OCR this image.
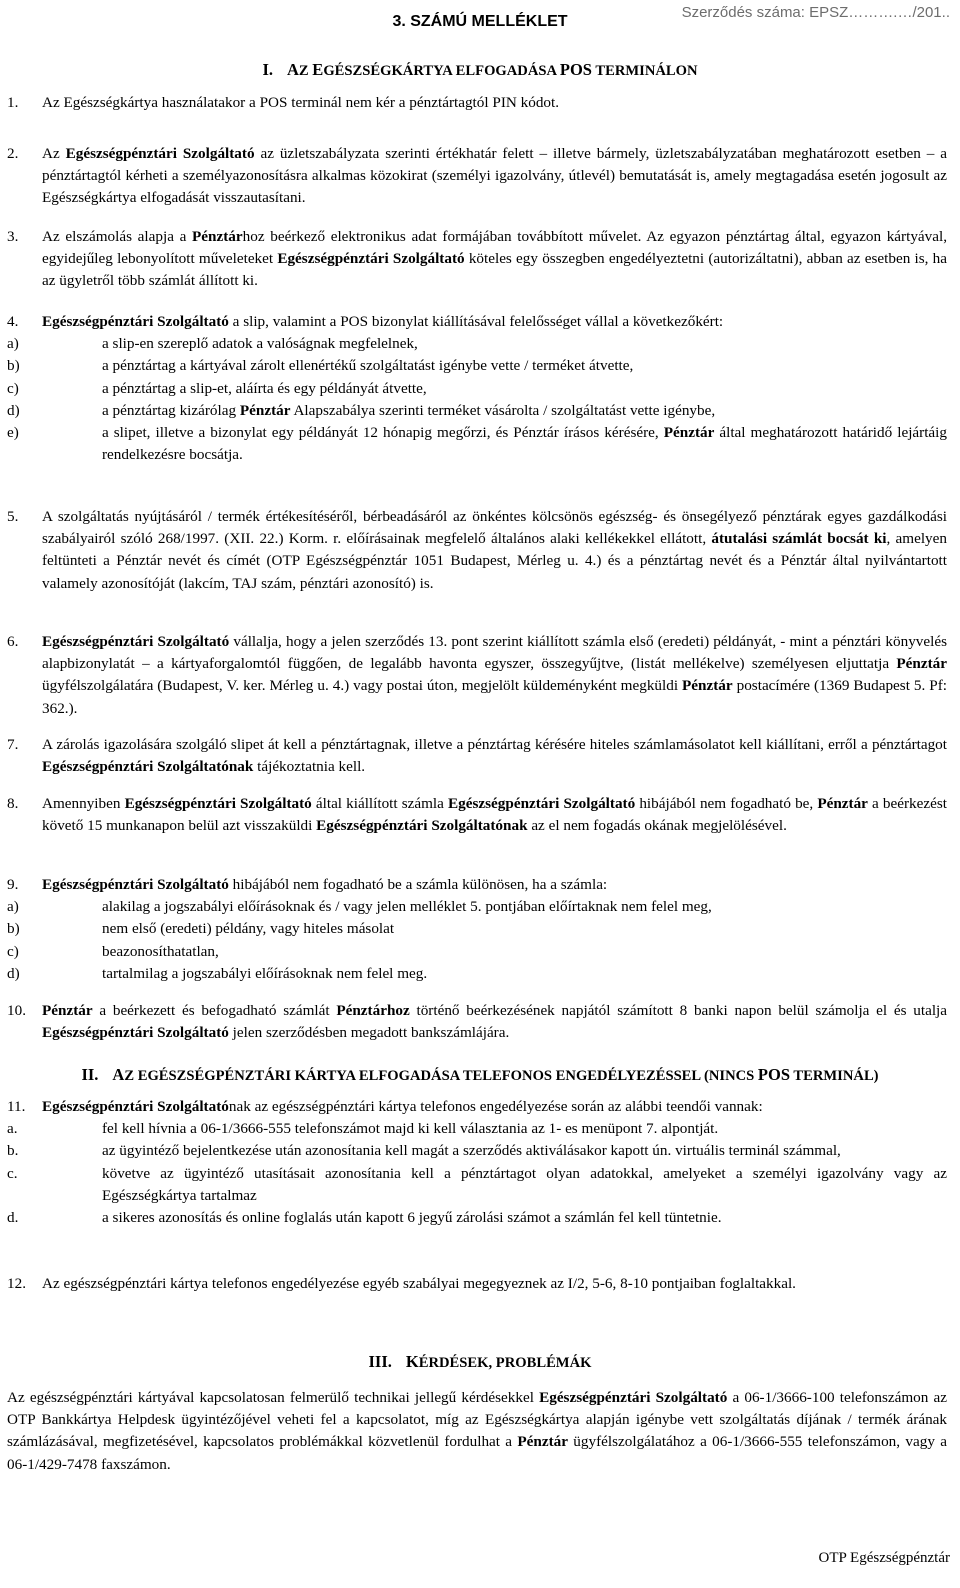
Szerződés száma: EPSZ……….…/201..
3. SZÁMÚ MELLÉKLET
I. AZ EGÉSZSÉGKÁRTYA ELFOGADÁSA POS TERMINÁLON
1. Az Egészségkártya használatakor a POS terminál nem kér a pénztártagtól PIN kódot.
2. Az Egészségpénztári Szolgáltató az üzletszabályzata szerinti értékhatár felett – illetve bármely, üzletszabályzatában meghatározott esetben – a pénztártagtól kérheti a személyazonosításra alkalmas közokirat (személyi igazolvány, útlevél) bemutatását is, amely megtagadása esetén jogosult az Egészségkártya elfogadását visszautasítani.
3. Az elszámolás alapja a Pénztárhoz beérkező elektronikus adat formájában továbbított művelet. Az egyazon pénztártag által, egyazon kártyával, egyidejűleg lebonyolított műveleteket Egészségpénztári Szolgáltató köteles egy összegben engedélyeztetni (autorizáltatni), abban az esetben is, ha az ügyletről több számlát állított ki.
4. Egészségpénztári Szolgáltató a slip, valamint a POS bizonylat kiállításával felelősséget vállal a következőkért:
a)	a slip-en szereplő adatok a valóságnak megfelelnek,
b)	a pénztártag a kártyával zárolt ellenértékű szolgáltatást igénybe vette / terméket átvette,
c)	a pénztártag a slip-et, aláírta és egy példányát átvette,
d)	a pénztártag kizárólag Pénztár Alapszabálya szerinti terméket vásárolta / szolgáltatást vette igénybe,
e)	a slipet, illetve a bizonylat egy példányát 12 hónapig megőrzi, és Pénztár írásos kérésére, Pénztár által meghatározott határidő lejártáig rendelkezésre bocsátja.
5. A szolgáltatás nyújtásáról / termék értékesítéséről, bérbeadásáról az önkéntes kölcsönös egészség- és önsegélyező pénztárak egyes gazdálkodási szabályairól szóló 268/1997. (XII. 22.) Korm. r. előírásainak megfelelő általános alaki kellékekkel ellátott, átutalási számlát bocsát ki, amelyen feltünteti a Pénztár nevét és címét (OTP Egészségpénztár 1051 Budapest, Mérleg u. 4.) és a pénztártag nevét és a Pénztár által nyilvántartott valamely azonosítóját (lakcím, TAJ szám, pénztári azonosító) is.
6. Egészségpénztári Szolgáltató vállalja, hogy a jelen szerződés 13. pont szerint kiállított számla első (eredeti) példányát, - mint a pénztári könyvelés alapbizonylatát – a kártyaforgalomtól függően, de legalább havonta egyszer, összegyűjtve, (listát mellékelve) személyesen eljuttatja Pénztár ügyfélszolgálatára (Budapest, V. ker. Mérleg u. 4.) vagy postai úton, megjelölt küldeményként megküldi Pénztár postacímére (1369 Budapest 5. Pf: 362.).
7. A zárolás igazolására szolgáló slipet át kell a pénztártagnak, illetve a pénztártag kérésére hiteles számlamásolatot kell kiállítani, erről a pénztártagot Egészségpénztári Szolgáltatónak tájékoztatnia kell.
8. Amennyiben Egészségpénztári Szolgáltató által kiállított számla Egészségpénztári Szolgáltató hibájából nem fogadható be, Pénztár a beérkezést követő 15 munkanapon belül azt visszaküldi Egészségpénztári Szolgáltatónak az el nem fogadás okának megjelölésével.
9. Egészségpénztári Szolgáltató hibájából nem fogadható be a számla különösen, ha a számla:
a)	alakilag a jogszabályi előírásoknak és / vagy jelen melléklet 5. pontjában előírtaknak nem felel meg,
b)	nem első (eredeti) példány, vagy hiteles másolat
c)	beazonosíthatatlan,
d)	tartalmilag a jogszabályi előírásoknak nem felel meg.
10. Pénztár a beérkezett és befogadható számlát Pénztárhoz történő beérkezésének napjától számított 8 banki napon belül számolja el és utalja Egészségpénztári Szolgáltató jelen szerződésben megadott bankszámlájára.
II. AZ EGÉSZSÉGPÉNZTÁRI KÁRTYA ELFOGADÁSA TELEFONOS ENGEDÉLYEZÉSSEL (NINCS POS TERMINÁL)
11. Egészségpénztári Szolgáltatónak az egészségpénztári kártya telefonos engedélyezése során az alábbi teendői vannak:
a.	fel kell hívnia a 06-1/3666-555 telefonszámot majd ki kell választania az 1- es menüpont 7. alpontját.
b.	az ügyintéző bejelentkezése után azonosítania kell magát a szerződés aktiválásakor kapott ún. virtuális terminál számmal,
c.	követve az ügyintéző utasításait azonosítania kell a pénztártagot olyan adatokkal, amelyeket a személyi igazolvány vagy az Egészségkártya tartalmaz
d.	a sikeres azonosítás és online foglalás után kapott 6 jegyű zárolási számot a számlán fel kell tüntetnie.
12. Az egészségpénztári kártya telefonos engedélyezése egyéb szabályai megegyeznek az I/2, 5-6, 8-10 pontjaiban foglaltakkal.
III. KÉRDÉSEK, PROBLÉMÁK
Az egészségpénztári kártyával kapcsolatosan felmerülő technikai jellegű kérdésekkel Egészségpénztári Szolgáltató a 06-1/3666-100 telefonszámon az OTP Bankkártya Helpdesk ügyintézőjével veheti fel a kapcsolatot, míg az Egészségkártya alapján igénybe vett szolgáltatás díjának / termék árának számlázásával, megfizetésével, kapcsolatos problémákkal közvetlenül fordulhat a Pénztár ügyfélszolgálatához a 06-1/3666-555 telefonszámon, vagy a 06-1/429-7478 faxszámon.
OTP Egészségpénztár
